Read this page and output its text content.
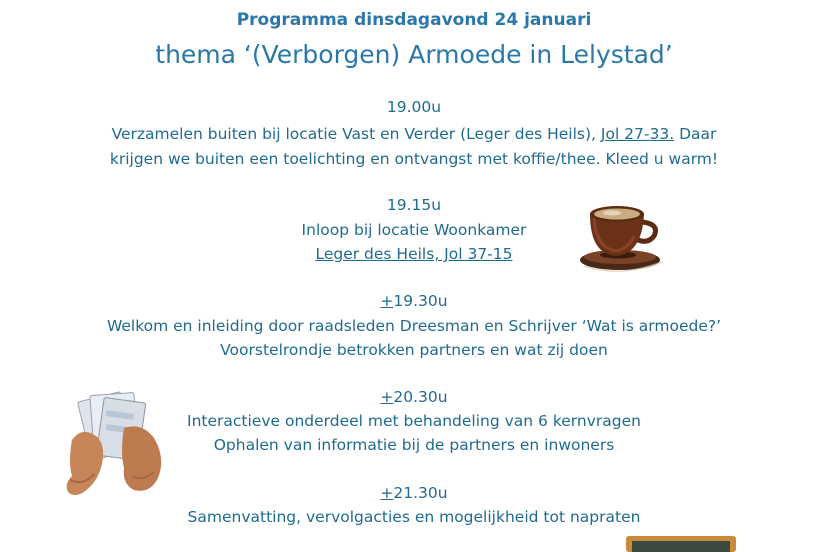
Programma dinsdagavond 24 januari
thema ‘(Verborgen) Armoede in Lelystad’
19.00u
Verzamelen buiten bij locatie Vast en Verder (Leger des Heils), Jol 27-33. Daar
krijgen we buiten een toelichting en ontvangst met koffie/thee. Kleed u warm!
19.15u
Inloop bij locatie Woonkamer
Leger des Heils, Jol 37-15
+19.30u
Welkom en inleiding door raadsleden Dreesman en Schrijver ‘Wat is armoede?’
Voorstelrondje betrokken partners en wat zij doen
+20.30u
Interactieve onderdeel met behandeling van 6 kernvragen
Ophalen van informatie bij de partners en inwoners
+21.30u
Samenvatting, vervolgacties en mogelijkheid tot napraten
